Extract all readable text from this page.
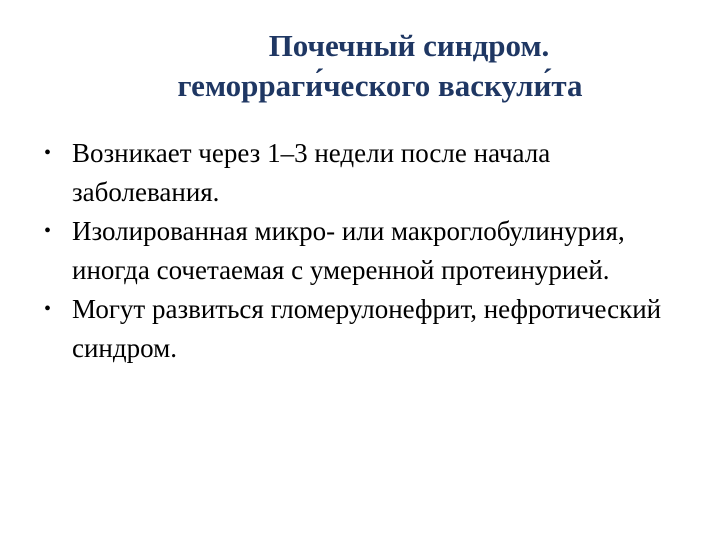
Почечный синдром.
геморраги́ческого васкули́та
• Возникает через 1–3 недели после начала заболевания.
• Изолированная микро- или макроглобулинурия, иногда сочетаемая с умеренной протеинурией.
• Могут развиться гломерулонефрит, нефротический синдром.
